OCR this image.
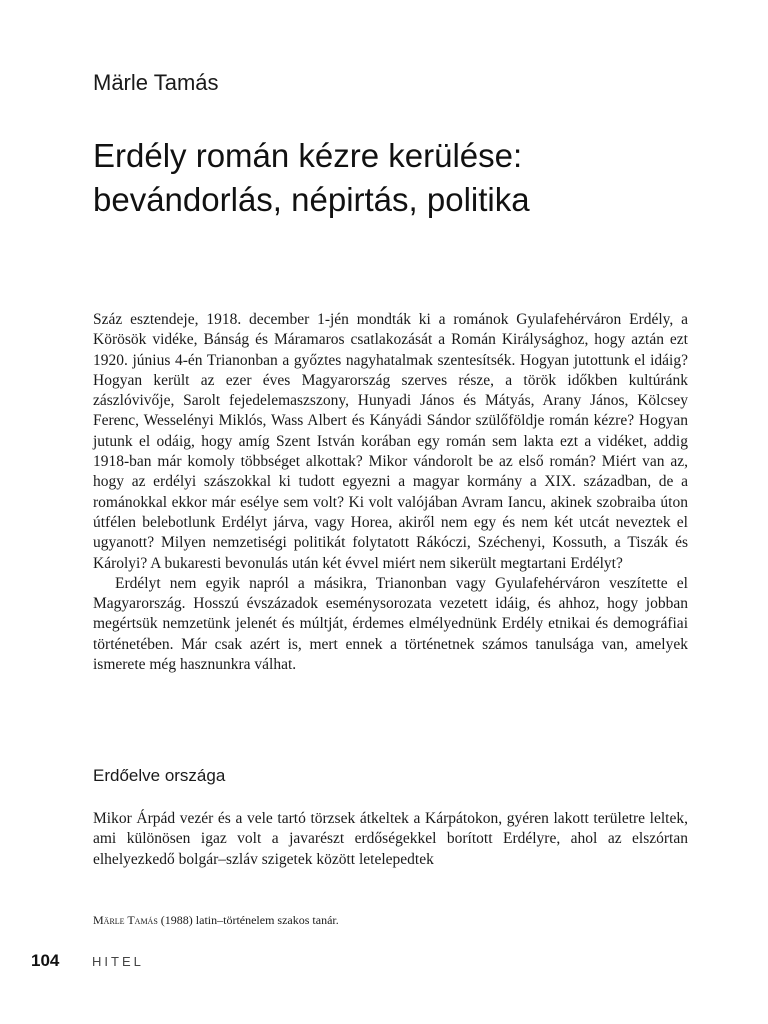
Märle Tamás
Erdély román kézre kerülése:
bevándorlás, népirtás, politika

Száz esztendeje, 1918. december 1-jén mondták ki a románok Gyulafehérváron Erdély, a Körösök vidéke, Bánság és Máramaros csatlakozását a Román Királysághoz, hogy aztán ezt 1920. június 4-én Trianonban a győztes nagyhatalmak szentesítsék. Hogyan jutottunk el idáig? Hogyan került az ezer éves Magyarország szerves része, a török időkben kultúránk zászlóvivője, Sarolt fejedelemaszszony, Hunyadi János és Mátyás, Arany János, Kölcsey Ferenc, Wesselényi Miklós, Wass Albert és Kányádi Sándor szülőföldje román kézre? Hogyan jutunk el odáig, hogy amíg Szent István korában egy román sem lakta ezt a vidéket, addig 1918-ban már komoly többséget alkottak? Mikor vándorolt be az első román? Miért van az, hogy az erdélyi szászokkal ki tudott egyezni a magyar kormány a XIX. században, de a románokkal ekkor már esélye sem volt? Ki volt valójában Avram Iancu, akinek szobraiba úton útfélen belebotlunk Erdélyt járva, vagy Horea, akiről nem egy és nem két utcát neveztek el ugyanott? Milyen nemzetiségi politikát folytatott Rákóczi, Széchenyi, Kossuth, a Tiszák és Károlyi? A bukaresti bevonulás után két évvel miért nem sikerült megtartani Erdélyt?

Erdélyt nem egyik napról a másikra, Trianonban vagy Gyulafehérváron veszítette el Magyarország. Hosszú évszázadok eseménysorozata vezetett idáig, és ahhoz, hogy jobban megértsük nemzetünk jelenét és múltját, érdemes elmélyednünk Erdély etnikai és demográfiai történetében. Már csak azért is, mert ennek a történetnek számos tanulsága van, amelyek ismerete még hasznunkra válhat.

Erdőelve országa

Mikor Árpád vezér és a vele tartó törzsek átkeltek a Kárpátokon, gyéren lakott területre leltek, ami különösen igaz volt a javarészt erdőségekkel borított Erdélyre, ahol az elszórtan elhelyezkedő bolgár–szláv szigetek között letelepedtek

Märle Tamás (1988) latin–történelem szakos tanár.
104	HITEL
